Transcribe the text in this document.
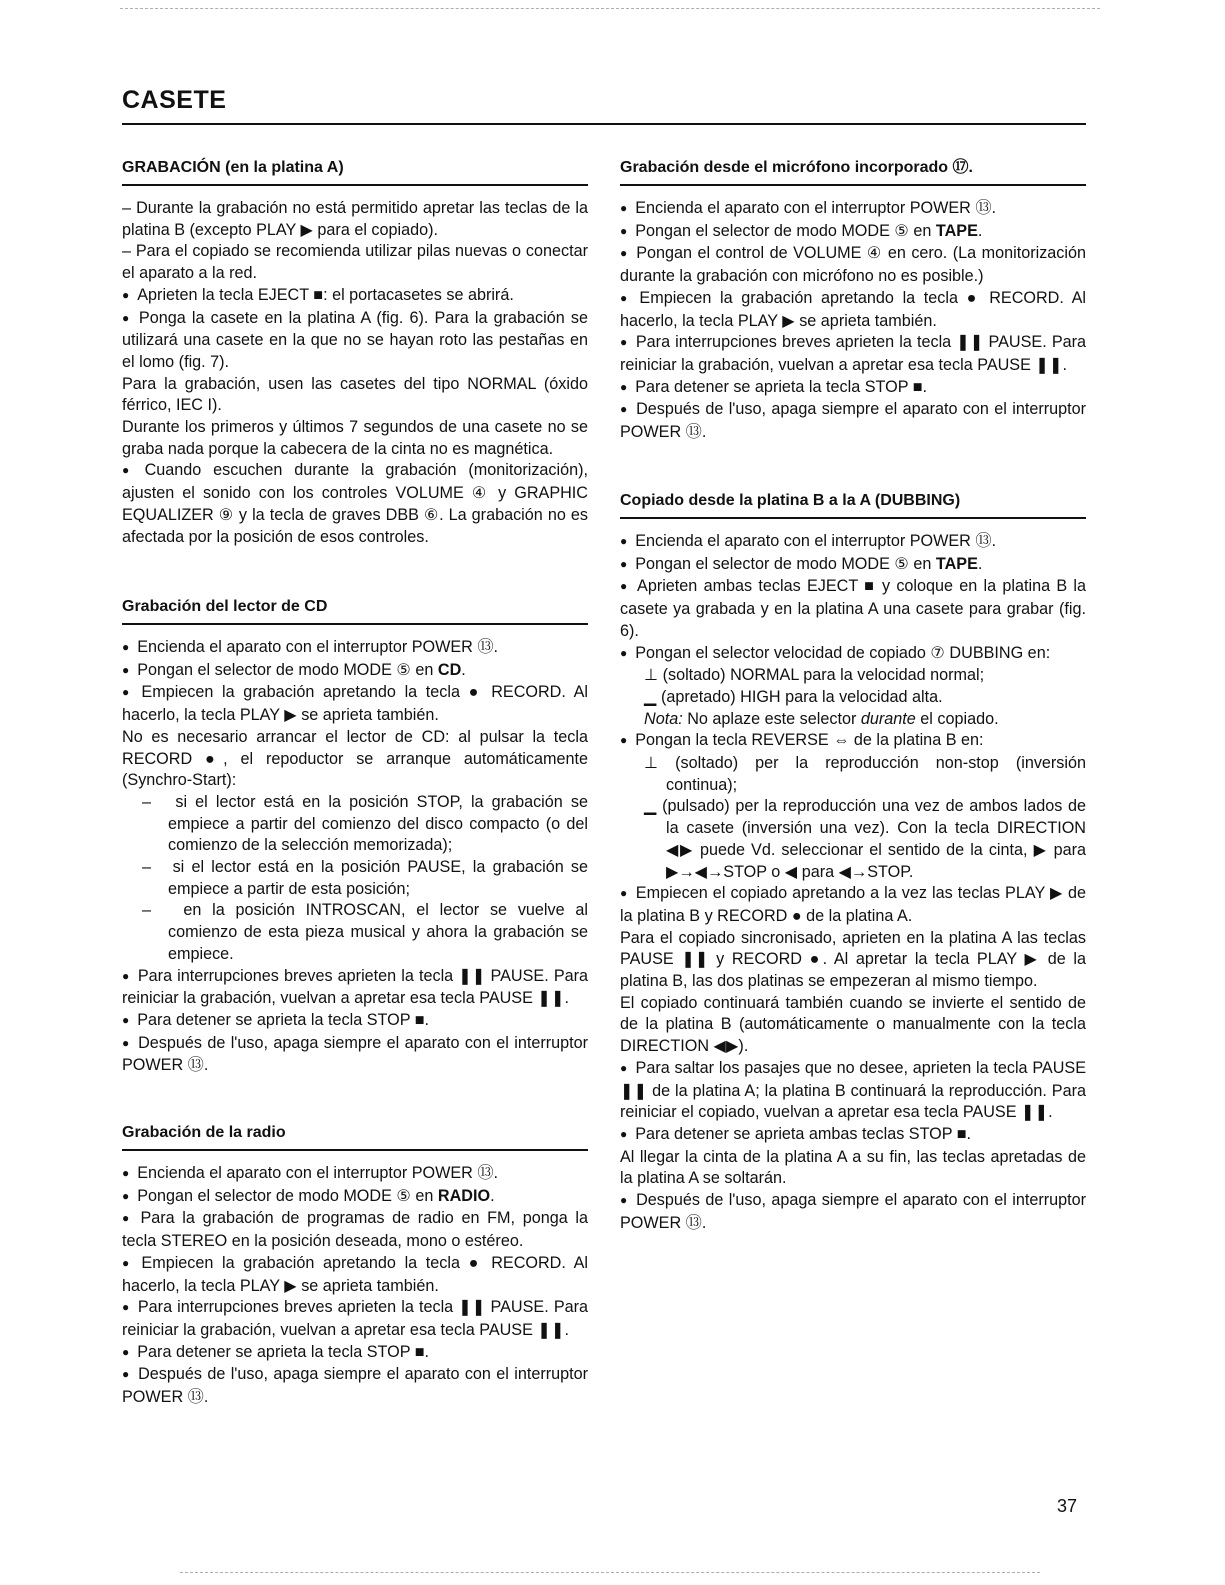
CASETE
GRABACIÓN (en la platina A)

– Durante la grabación no está permitido apretar las teclas de la platina B (excepto PLAY ▶ para el copiado).

– Para el copiado se recomienda utilizar pilas nuevas o conectar el aparato a la red.

● Aprieten la tecla EJECT ■: el portacasetes se abrirá.

● Ponga la casete en la platina A (fig. 6). Para la grabación se utilizará una casete en la que no se hayan roto las pestañas en el lomo (fig. 7).

Para la grabación, usen las casetes del tipo NORMAL (óxido férrico, IEC I).

Durante los primeros y últimos 7 segundos de una casete no se graba nada porque la cabecera de la cinta no es magnética.

● Cuando escuchen durante la grabación (monitorización), ajusten el sonido con los controles VOLUME ④ y GRAPHIC EQUALIZER ⑨ y la tecla de graves DBB ⑥. La grabación no es afectada por la posición de esos controles.

Grabación del lector de CD

● Encienda el aparato con el interruptor POWER ⑬.

● Pongan el selector de modo MODE ⑤ en CD.

● Empiecen la grabación apretando la tecla ● RECORD. Al hacerlo, la tecla PLAY ▶ se aprieta también.

No es necesario arrancar el lector de CD: al pulsar la tecla RECORD ●, el repoductor se arranque automáticamente (Synchro-Start):

–   si el lector está en la posición STOP, la grabación se empiece a partir del comienzo del disco compacto (o del comienzo de la selección memorizada);

–   si el lector está en la posición PAUSE, la grabación se empiece a partir de esta posición;

–   en la posición INTROSCAN, el lector se vuelve al comienzo de esta pieza musical y ahora la grabación se empiece.

● Para interrupciones breves aprieten la tecla ❚❚ PAUSE. Para reiniciar la grabación, vuelvan a apretar esa tecla PAUSE ❚❚.

● Para detener se aprieta la tecla STOP ■.

● Después de l'uso, apaga siempre el aparato con el interruptor POWER ⑬.

Grabación de la radio

● Encienda el aparato con el interruptor POWER ⑬.

● Pongan el selector de modo MODE ⑤ en RADIO.

● Para la grabación de programas de radio en FM, ponga la tecla STEREO en la posición deseada, mono o estéreo.

● Empiecen la grabación apretando la tecla ● RECORD. Al hacerlo, la tecla PLAY ▶ se aprieta también.

● Para interrupciones breves aprieten la tecla ❚❚ PAUSE. Para reiniciar la grabación, vuelvan a apretar esa tecla PAUSE ❚❚.

● Para detener se aprieta la tecla STOP ■.

● Después de l'uso, apaga siempre el aparato con el interruptor POWER ⑬.

Grabación desde el micrófono incorporado ⑰.

● Encienda el aparato con el interruptor POWER ⑬.

● Pongan el selector de modo MODE ⑤ en TAPE.

● Pongan el control de VOLUME ④ en cero. (La monitorización durante la grabación con micrófono no es posible.)

● Empiecen la grabación apretando la tecla ● RECORD. Al hacerlo, la tecla PLAY ▶ se aprieta también.

● Para interrupciones breves aprieten la tecla ❚❚ PAUSE. Para reiniciar la grabación, vuelvan a apretar esa tecla PAUSE ❚❚.

● Para detener se aprieta la tecla STOP ■.

● Después de l'uso, apaga siempre el aparato con el interruptor POWER ⑬.

Copiado desde la platina B a la A (DUBBING)

● Encienda el aparato con el interruptor POWER ⑬.

● Pongan el selector de modo MODE ⑤ en TAPE.

● Aprieten ambas teclas EJECT ■ y coloque en la platina B la casete ya grabada y en la platina A una casete para grabar (fig. 6).

● Pongan el selector velocidad de copiado ⑦ DUBBING en:

⊥ (soltado) NORMAL para la velocidad normal;

▁ (apretado) HIGH para la velocidad alta.

Nota: No aplaze este selector durante el copiado.

● Pongan la tecla REVERSE ⇔ de la platina B en:

⊥ (soltado) per la reproducción non-stop (inversión continua);

▁ (pulsado) per la reproducción una vez de ambos lados de la casete (inversión una vez). Con la tecla DIRECTION ◀▶ puede Vd. seleccionar el sentido de la cinta, ▶ para ▶→◀→STOP o ◀ para ◀→STOP.

● Empiecen el copiado apretando a la vez las teclas PLAY ▶ de la platina B y RECORD ● de la platina A.

Para el copiado sincronisado, aprieten en la platina A las teclas PAUSE ❚❚ y RECORD ●. Al apretar la tecla PLAY ▶ de la platina B, las dos platinas se empezeran al mismo tiempo.

El copiado continuará también cuando se invierte el sentido de de la platina B (automáticamente o manualmente con la tecla DIRECTION ◀▶).

● Para saltar los pasajes que no desee, aprieten la tecla PAUSE ❚❚ de la platina A; la platina B continuará la reproducción. Para reiniciar el copiado, vuelvan a apretar esa tecla PAUSE ❚❚.

● Para detener se aprieta ambas teclas STOP ■.

Al llegar la cinta de la platina A a su fin, las teclas apretadas de la platina A se soltarán.

● Después de l'uso, apaga siempre el aparato con el interruptor POWER ⑬.

37
